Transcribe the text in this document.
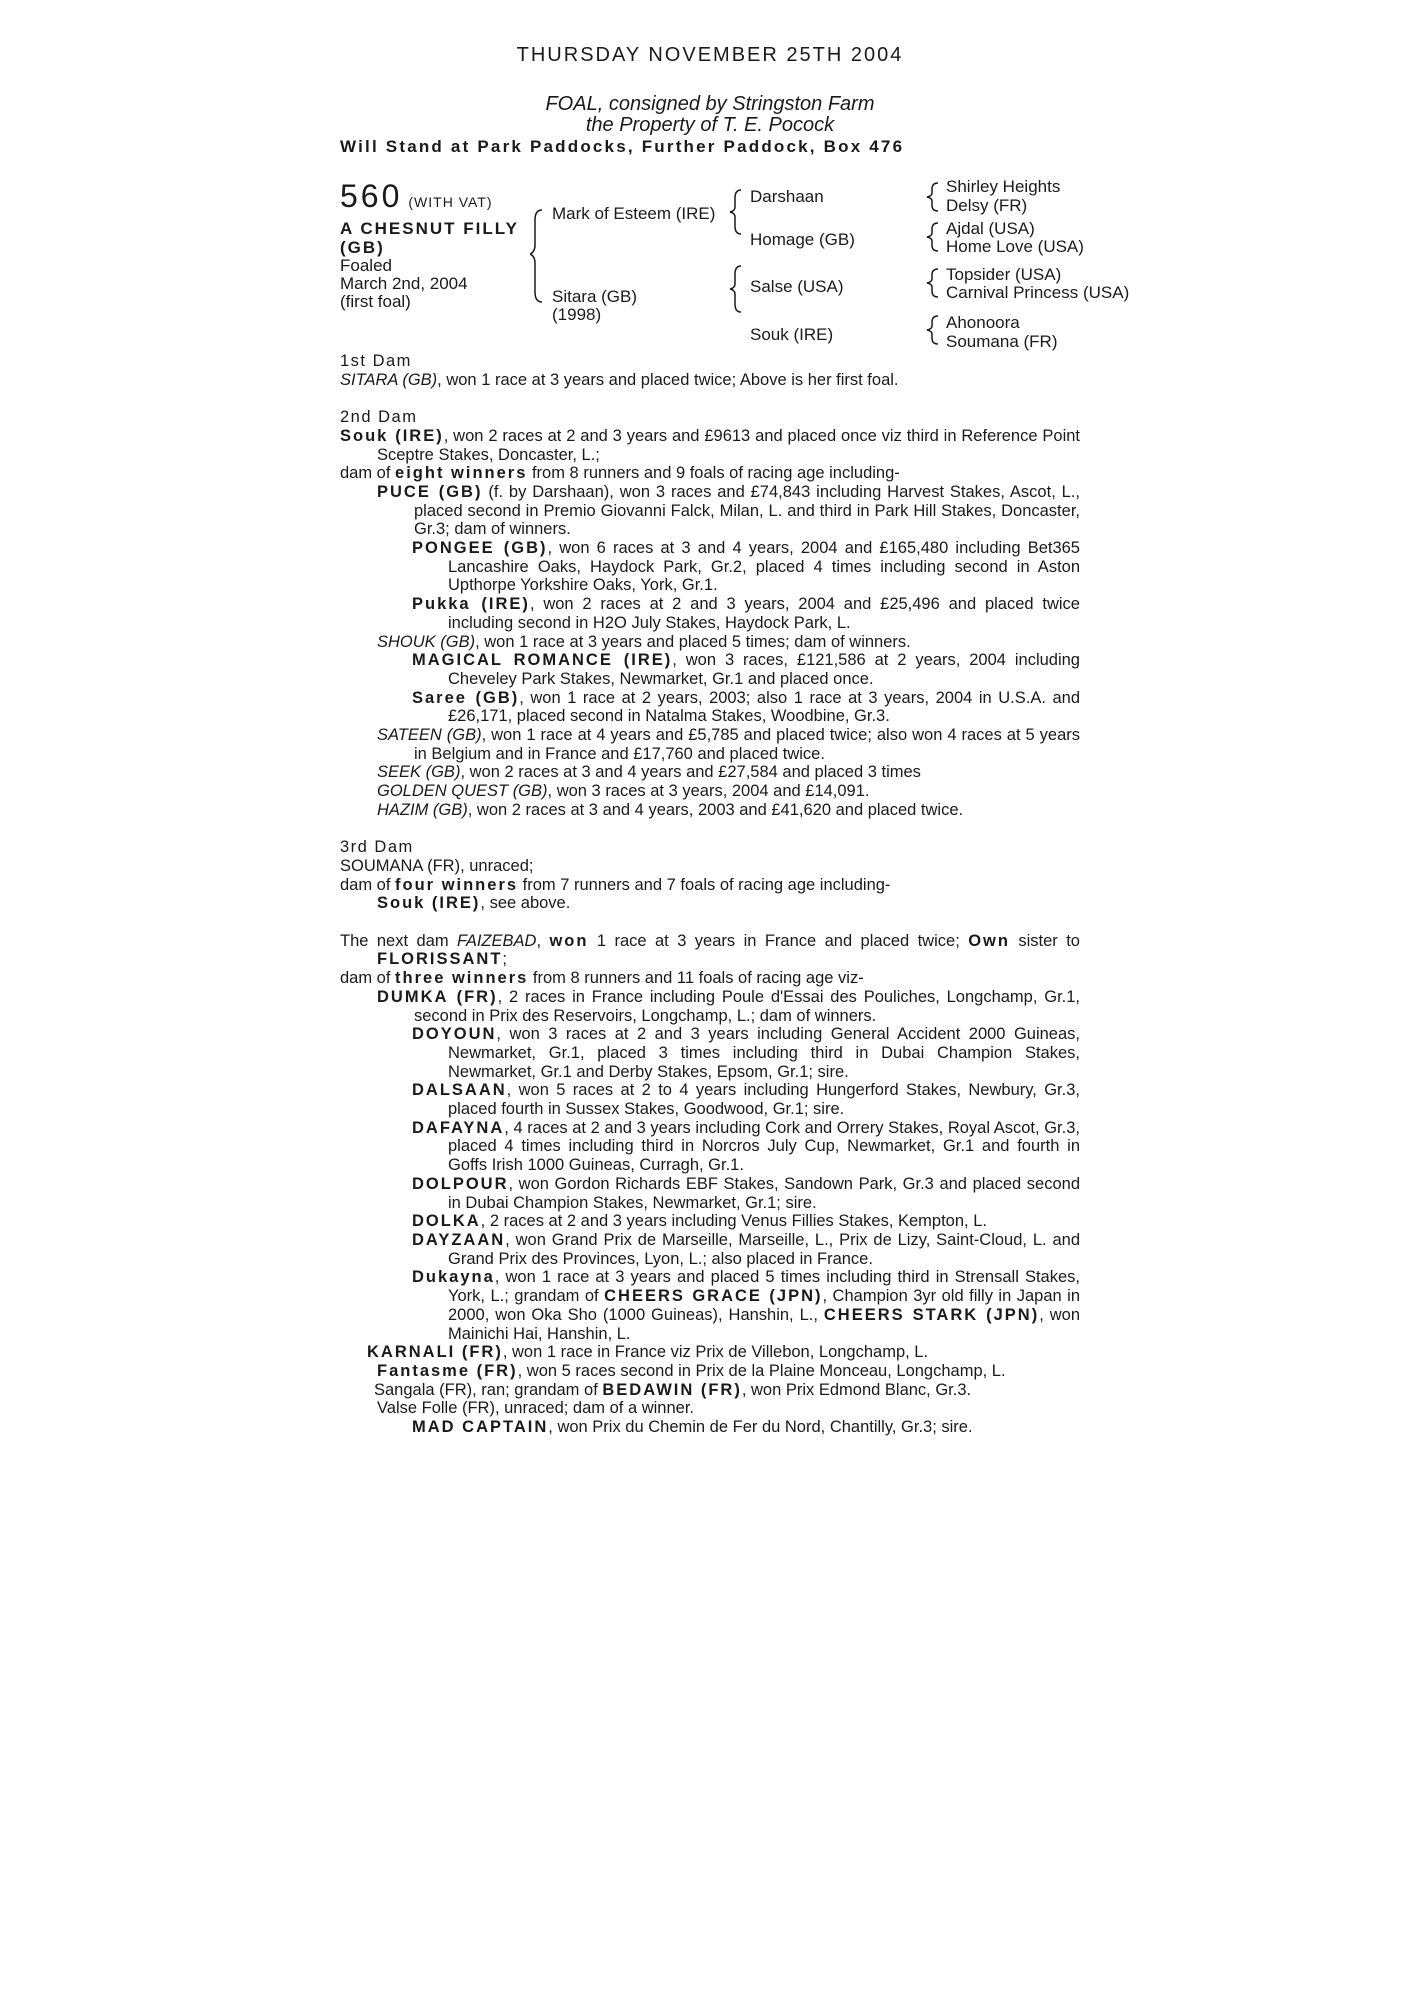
THURSDAY NOVEMBER 25TH 2004
FOAL, consigned by Stringston Farm
the Property of T. E. Pocock
Will Stand at Park Paddocks, Further Paddock, Box 476
560 (WITH VAT)
A CHESNUT FILLY (GB)
Foaled
March 2nd, 2004
(first foal)
Mark of Esteem (IRE)
Sitara (GB)
(1998)
Darshaan
Homage (GB)
Salse (USA)
Souk (IRE)
Shirley Heights
Delsy (FR)
Ajdal (USA)
Home Love (USA)
Topsider (USA)
Carnival Princess (USA)
Ahonoora
Soumana (FR)

1st Dam

SITARA (GB), won 1 race at 3 years and placed twice; Above is her first foal.

2nd Dam

Souk (IRE), won 2 races at 2 and 3 years and £9613 and placed once viz third in Reference Point Sceptre Stakes, Doncaster, L.;

dam of eight winners from 8 runners and 9 foals of racing age including-

PUCE (GB) (f. by Darshaan), won 3 races and £74,843 including Harvest Stakes, Ascot, L., placed second in Premio Giovanni Falck, Milan, L. and third in Park Hill Stakes, Doncaster, Gr.3; dam of winners.

PONGEE (GB), won 6 races at 3 and 4 years, 2004 and £165,480 including Bet365 Lancashire Oaks, Haydock Park, Gr.2, placed 4 times including second in Aston Upthorpe Yorkshire Oaks, York, Gr.1.

Pukka (IRE), won 2 races at 2 and 3 years, 2004 and £25,496 and placed twice including second in H2O July Stakes, Haydock Park, L.

SHOUK (GB), won 1 race at 3 years and placed 5 times; dam of winners.

MAGICAL ROMANCE (IRE), won 3 races, £121,586 at 2 years, 2004 including Cheveley Park Stakes, Newmarket, Gr.1 and placed once.

Saree (GB), won 1 race at 2 years, 2003; also 1 race at 3 years, 2004 in U.S.A. and £26,171, placed second in Natalma Stakes, Woodbine, Gr.3.

SATEEN (GB), won 1 race at 4 years and £5,785 and placed twice; also won 4 races at 5 years in Belgium and in France and £17,760 and placed twice.

SEEK (GB), won 2 races at 3 and 4 years and £27,584 and placed 3 times

GOLDEN QUEST (GB), won 3 races at 3 years, 2004 and £14,091.

HAZIM (GB), won 2 races at 3 and 4 years, 2003 and £41,620 and placed twice.

3rd Dam

SOUMANA (FR), unraced;

dam of four winners from 7 runners and 7 foals of racing age including-

Souk (IRE), see above.

The next dam FAIZEBAD, won 1 race at 3 years in France and placed twice; Own sister to FLORISSANT;

dam of three winners from 8 runners and 11 foals of racing age viz-

DUMKA (FR), 2 races in France including Poule d'Essai des Pouliches, Longchamp, Gr.1, second in Prix des Reservoirs, Longchamp, L.; dam of winners.

DOYOUN, won 3 races at 2 and 3 years including General Accident 2000 Guineas, Newmarket, Gr.1, placed 3 times including third in Dubai Champion Stakes, Newmarket, Gr.1 and Derby Stakes, Epsom, Gr.1; sire.

DALSAAN, won 5 races at 2 to 4 years including Hungerford Stakes, Newbury, Gr.3, placed fourth in Sussex Stakes, Goodwood, Gr.1; sire.

DAFAYNA, 4 races at 2 and 3 years including Cork and Orrery Stakes, Royal Ascot, Gr.3, placed 4 times including third in Norcros July Cup, Newmarket, Gr.1 and fourth in Goffs Irish 1000 Guineas, Curragh, Gr.1.

DOLPOUR, won Gordon Richards EBF Stakes, Sandown Park, Gr.3 and placed second in Dubai Champion Stakes, Newmarket, Gr.1; sire.

DOLKA, 2 races at 2 and 3 years including Venus Fillies Stakes, Kempton, L.

DAYZAAN, won Grand Prix de Marseille, Marseille, L., Prix de Lizy, Saint-Cloud, L. and Grand Prix des Provinces, Lyon, L.; also placed in France.

Dukayna, won 1 race at 3 years and placed 5 times including third in Strensall Stakes, York, L.; grandam of CHEERS GRACE (JPN), Champion 3yr old filly in Japan in 2000, won Oka Sho (1000 Guineas), Hanshin, L., CHEERS STARK (JPN), won Mainichi Hai, Hanshin, L.

KARNALI (FR), won 1 race in France viz Prix de Villebon, Longchamp, L.

Fantasme (FR), won 5 races second in Prix de la Plaine Monceau, Longchamp, L.

Sangala (FR), ran; grandam of BEDAWIN (FR), won Prix Edmond Blanc, Gr.3.

Valse Folle (FR), unraced; dam of a winner.

MAD CAPTAIN, won Prix du Chemin de Fer du Nord, Chantilly, Gr.3; sire.
